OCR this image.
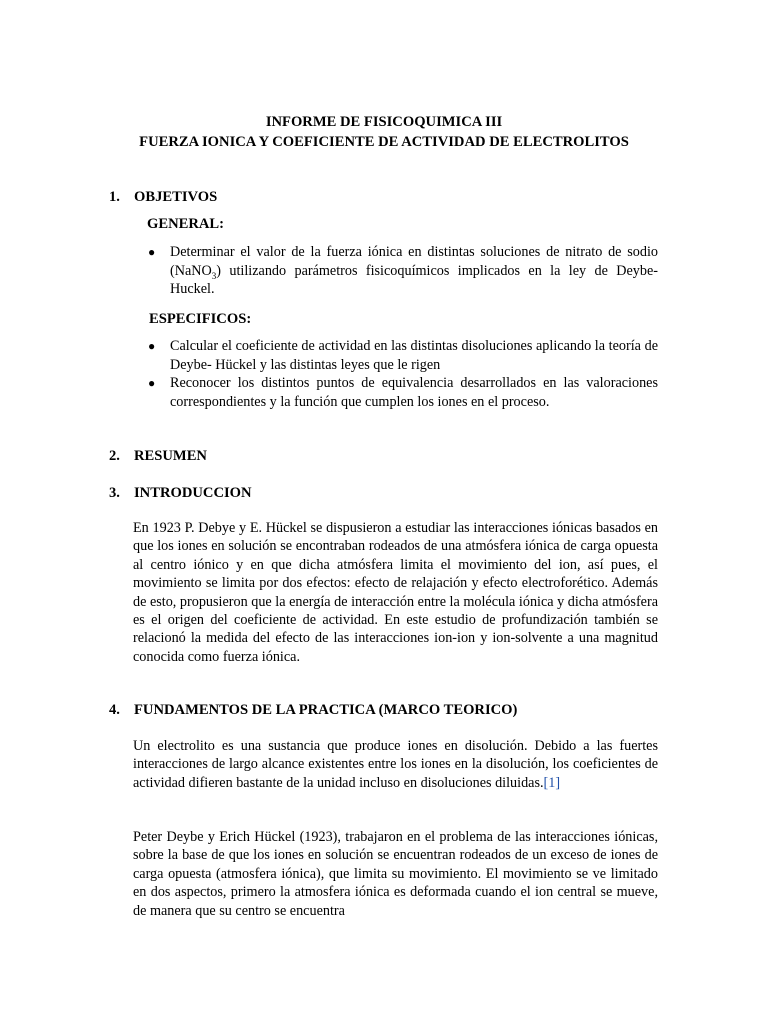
INFORME DE FISICOQUIMICA III

FUERZA IONICA Y COEFICIENTE DE ACTIVIDAD DE ELECTROLITOS

1. OBJETIVOS

GENERAL:

● Determinar el valor de la fuerza iónica en distintas soluciones de nitrato de sodio (NaNO$_3$) utilizando parámetros fisicoquímicos implicados en la ley de Deybe-Huckel.

ESPECIFICOS:

● Calcular el coeficiente de actividad en las distintas disoluciones aplicando la teoría de Deybe- Hückel y las distintas leyes que le rigen
● Reconocer los distintos puntos de equivalencia desarrollados en las valoraciones correspondientes y la función que cumplen los iones en el proceso.

2. RESUMEN

3. INTRODUCCION

En 1923 P. Debye y E. Hückel se dispusieron a estudiar las interacciones iónicas basados en que los iones en solución se encontraban rodeados de una atmósfera iónica de carga opuesta al centro iónico y en que dicha atmósfera limita el movimiento del ion, así pues, el movimiento se limita por dos efectos: efecto de relajación y efecto electroforético. Además de esto, propusieron que la energía de interacción entre la molécula iónica y dicha atmósfera es el origen del coeficiente de actividad. En este estudio de profundización también se relacionó la medida del efecto de las interacciones ion-ion y ion-solvente a una magnitud conocida como fuerza iónica.

4. FUNDAMENTOS DE LA PRACTICA (MARCO TEORICO)

Un electrolito es una sustancia que produce iones en disolución. Debido a las fuertes interacciones de largo alcance existentes entre los iones en la disolución, los coeficientes de actividad difieren bastante de la unidad incluso en disoluciones diluidas.[1]

Peter Deybe y Erich Hückel (1923), trabajaron en el problema de las interacciones iónicas, sobre la base de que los iones en solución se encuentran rodeados de un exceso de iones de carga opuesta (atmosfera iónica), que limita su movimiento. El movimiento se ve limitado en dos aspectos, primero la atmosfera iónica es deformada cuando el ion central se mueve, de manera que su centro se encuentra
